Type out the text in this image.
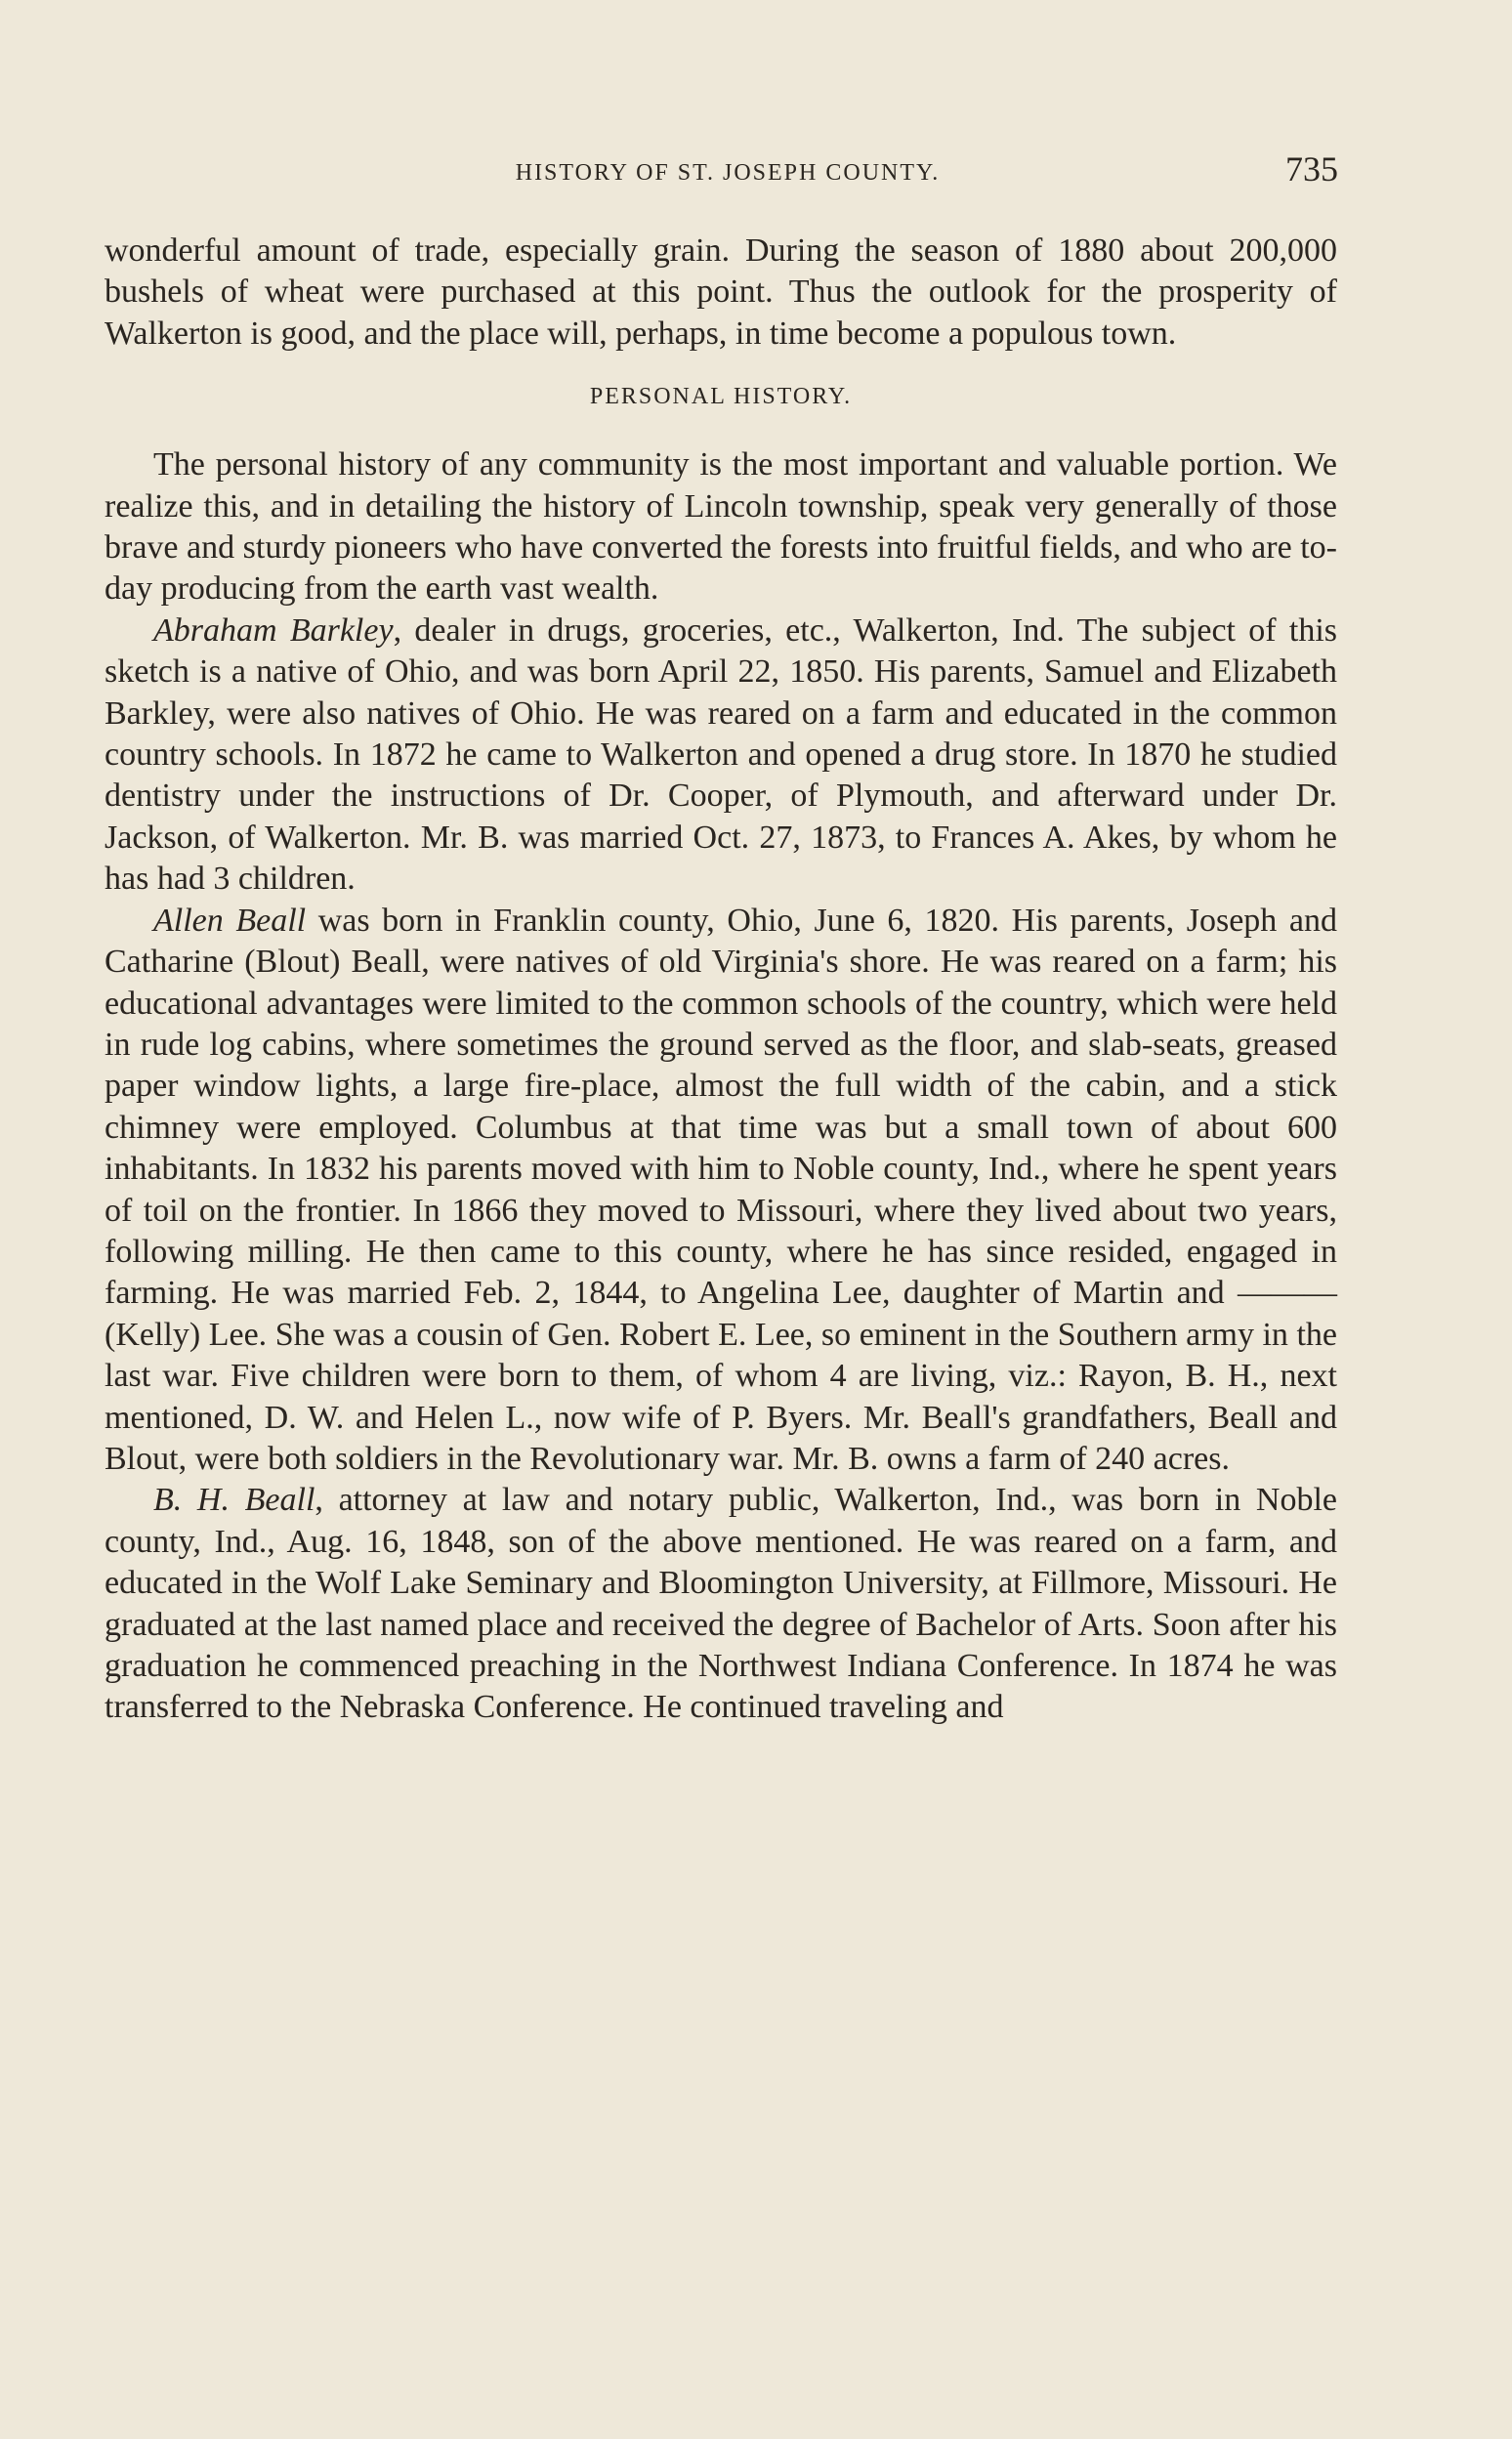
HISTORY OF ST. JOSEPH COUNTY.	735

wonderful amount of trade, especially grain. During the season of 1880 about 200,000 bushels of wheat were purchased at this point. Thus the outlook for the prosperity of Walkerton is good, and the place will, perhaps, in time become a populous town.

PERSONAL HISTORY.

The personal history of any community is the most important and valuable portion. We realize this, and in detailing the history of Lincoln township, speak very generally of those brave and sturdy pioneers who have converted the forests into fruitful fields, and who are to-day producing from the earth vast wealth.

Abraham Barkley, dealer in drugs, groceries, etc., Walkerton, Ind. The subject of this sketch is a native of Ohio, and was born April 22, 1850. His parents, Samuel and Elizabeth Barkley, were also natives of Ohio. He was reared on a farm and educated in the common country schools. In 1872 he came to Walkerton and opened a drug store. In 1870 he studied dentistry under the instructions of Dr. Cooper, of Plymouth, and afterward under Dr. Jackson, of Walkerton. Mr. B. was married Oct. 27, 1873, to Frances A. Akes, by whom he has had 3 children.

Allen Beall was born in Franklin county, Ohio, June 6, 1820. His parents, Joseph and Catharine (Blout) Beall, were natives of old Virginia's shore. He was reared on a farm; his educational advantages were limited to the common schools of the country, which were held in rude log cabins, where sometimes the ground served as the floor, and slab-seats, greased paper window lights, a large fire-place, almost the full width of the cabin, and a stick chimney were employed. Columbus at that time was but a small town of about 600 inhabitants. In 1832 his parents moved with him to Noble county, Ind., where he spent years of toil on the frontier. In 1866 they moved to Missouri, where they lived about two years, following milling. He then came to this county, where he has since resided, engaged in farming. He was married Feb. 2, 1844, to Angelina Lee, daughter of Martin and ——— (Kelly) Lee. She was a cousin of Gen. Robert E. Lee, so eminent in the Southern army in the last war. Five children were born to them, of whom 4 are living, viz.: Rayon, B. H., next mentioned, D. W. and Helen L., now wife of P. Byers. Mr. Beall's grandfathers, Beall and Blout, were both soldiers in the Revolutionary war. Mr. B. owns a farm of 240 acres.

B. H. Beall, attorney at law and notary public, Walkerton, Ind., was born in Noble county, Ind., Aug. 16, 1848, son of the above mentioned. He was reared on a farm, and educated in the Wolf Lake Seminary and Bloomington University, at Fillmore, Missouri. He graduated at the last named place and received the degree of Bachelor of Arts. Soon after his graduation he commenced preaching in the Northwest Indiana Conference. In 1874 he was transferred to the Nebraska Conference. He continued traveling and
